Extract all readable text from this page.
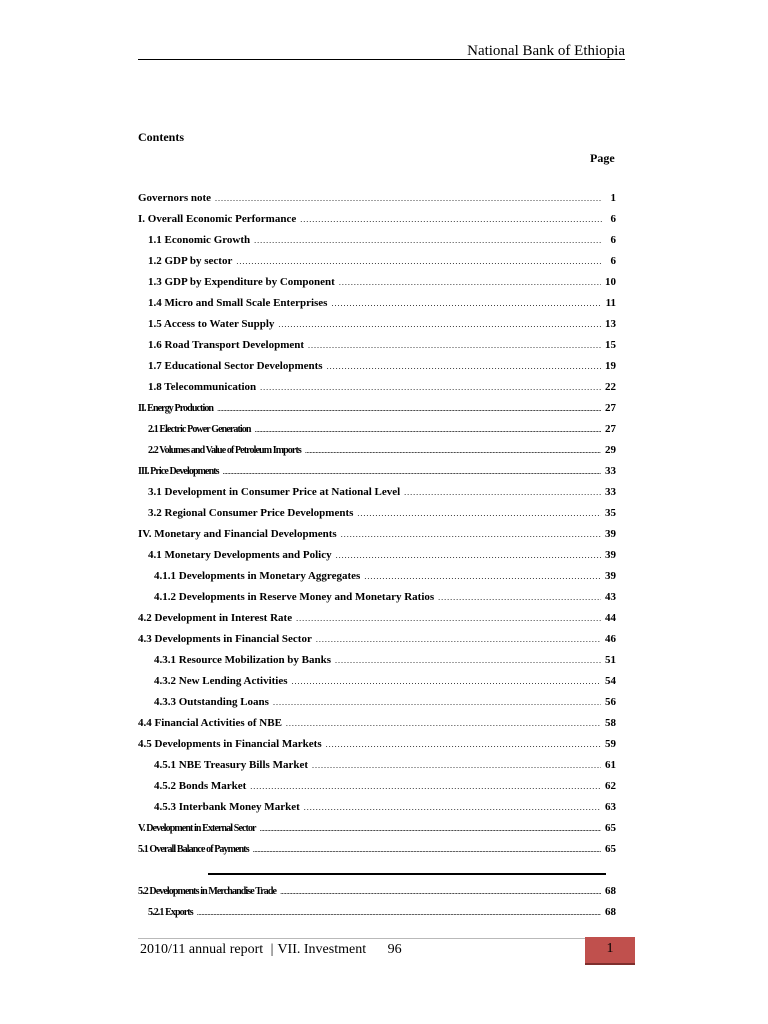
National Bank of Ethiopia
Contents
Page
Governors note .....	1
I. Overall Economic Performance .....	6
1.1 Economic Growth .....	6
1.2 GDP by sector .....	6
1.3 GDP by Expenditure by Component .....	10
1.4 Micro and Small Scale Enterprises .....	11
1.5 Access to Water Supply .....	13
1.6 Road Transport Development .....	15
1.7 Educational Sector Developments .....	19
1.8 Telecommunication .....	22
II. Energy Production .....	27
2.1 Electric Power Generation .....	27
2.2 Volumes and Value of Petroleum Imports .....	29
III. Price Developments .....	33
3.1 Development in Consumer Price at National Level .....	33
3.2 Regional Consumer Price Developments .....	35
IV. Monetary and Financial Developments .....	39
4.1 Monetary Developments and Policy .....	39
4.1.1 Developments in Monetary Aggregates .....	39
4.1.2 Developments in Reserve Money and Monetary Ratios .....	43
4.2 Development in Interest Rate .....	44
4.3 Developments in Financial Sector .....	46
4.3.1 Resource Mobilization by Banks .....	51
4.3.2 New Lending Activities .....	54
4.3.3 Outstanding Loans .....	56
4.4 Financial Activities of NBE .....	58
4.5 Developments in Financial Markets .....	59
4.5.1 NBE Treasury Bills Market .....	61
4.5.2 Bonds Market .....	62
4.5.3 Interbank Money Market .....	63
V. Development in External Sector .....	65
5.1 Overall Balance of Payments .....	65
5.2 Developments in Merchandise Trade .....	68
5.2.1 Exports .....	68
2010/11 annual report | VII. Investment 96	1
